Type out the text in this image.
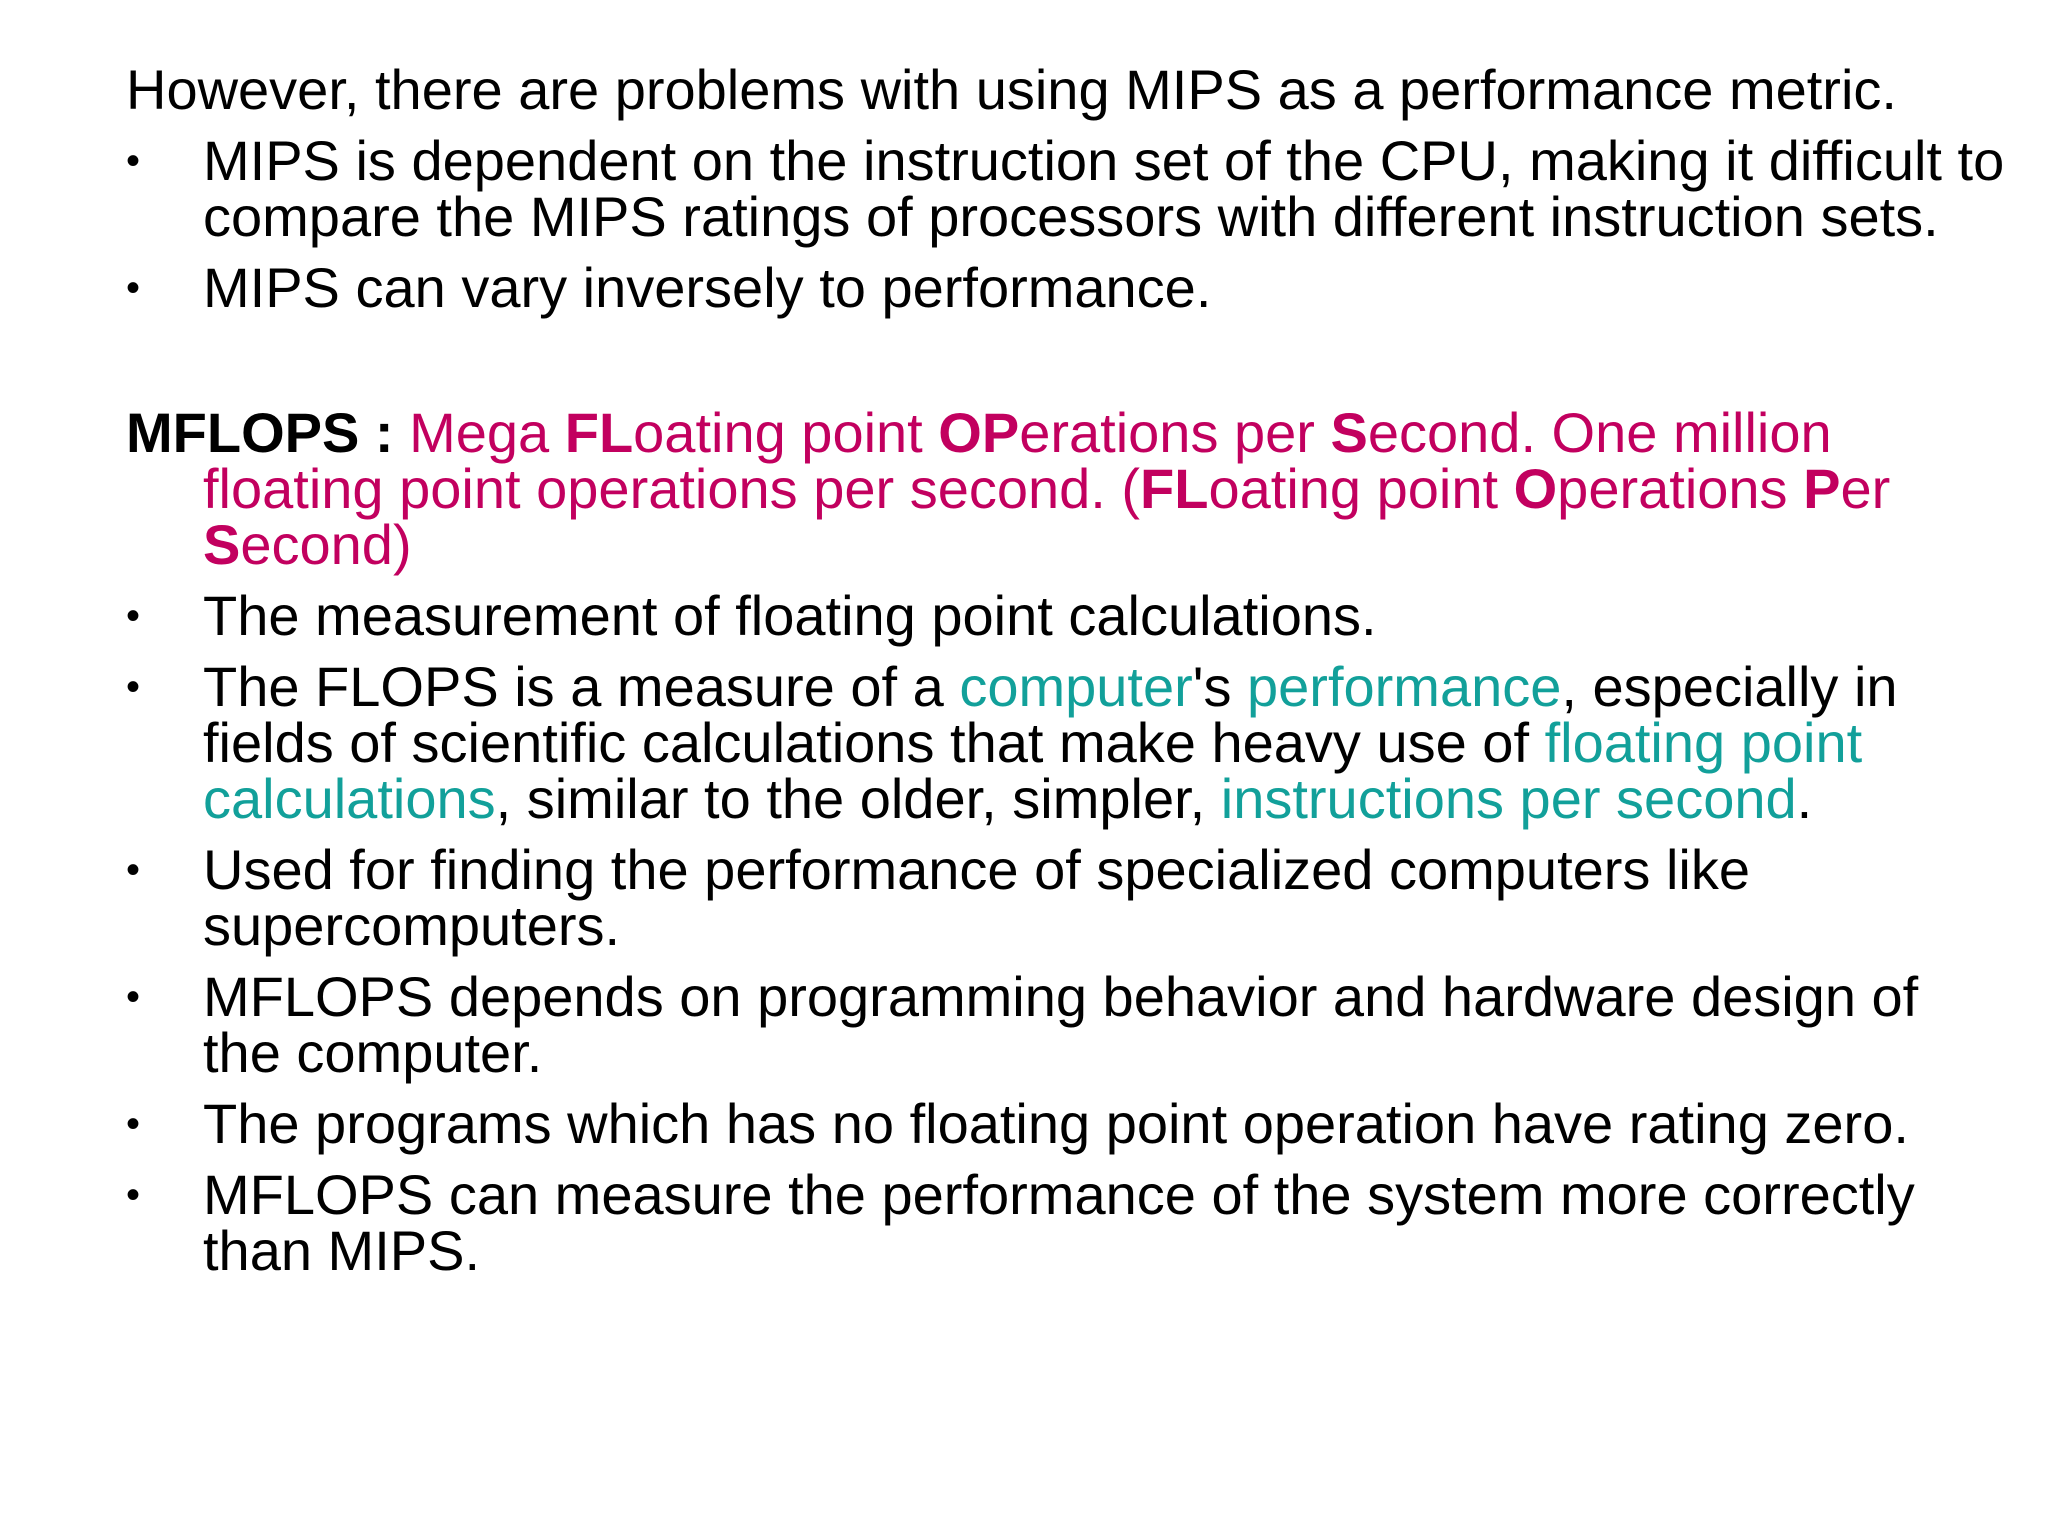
However, there are problems with using MIPS as a performance metric.

•	MIPS is dependent on the instruction set of the CPU, making it difficult to compare the MIPS ratings of processors with different instruction sets.
•	MIPS can vary inversely to performance.

MFLOPS : Mega FLoating point OPerations per Second. One million floating point operations per second. (FLoating point Operations Per Second)

•	The measurement of floating point calculations.
•	The FLOPS is a measure of a computer's performance, especially in fields of scientific calculations that make heavy use of floating point calculations, similar to the older, simpler, instructions per second.
•	Used for finding the performance of specialized computers like supercomputers.
•	MFLOPS depends on programming behavior and hardware design of the computer.
•	The programs which has no floating point operation have rating zero.
•	MFLOPS can measure the performance of the system more correctly than MIPS.
